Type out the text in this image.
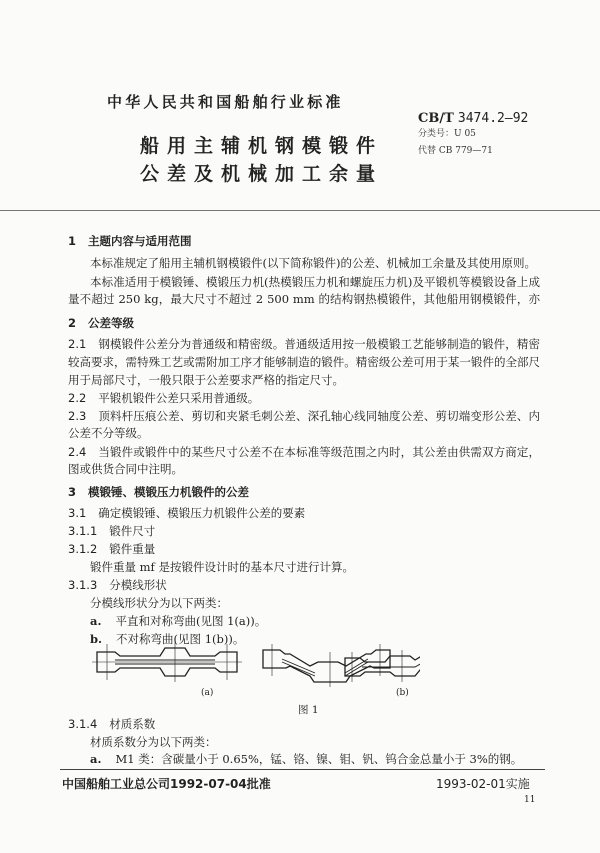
中华人民共和国船舶行业标准
船用主辅机钢模锻件
公差及机械加工余量
CB/T 3474.2—92
分类号：U 05
代替 CB 779—71
1 主题内容与适用范围
本标准规定了船用主辅机钢模锻件(以下简称锻件)的公差、机械加工余量及其使用原则。
本标准适用于模锻锤、模锻压力机(热模锻压力机和螺旋压力机)及平锻机等模锻设备上成
量不超过 250 kg，最大尺寸不超过 2 500 mm 的结构钢热模锻件，其他船用钢模锻件，亦
2 公差等级
2.1 钢模锻件公差分为普通级和精密级。普通级适用按一般模锻工艺能够制造的锻件，精密
较高要求，需特殊工艺或需附加工序才能够制造的锻件。精密级公差可用于某一锻件的全部尺
用于局部尺寸，一般只限于公差要求严格的指定尺寸。
2.2 平锻机锻件公差只采用普通级。
2.3 顶料杆压痕公差、剪切和夹紧毛刺公差、深孔轴心线同轴度公差、剪切端变形公差、内
公差不分等级。
2.4 当锻件或锻件中的某些尺寸公差不在本标准等级范围之内时，其公差由供需双方商定，
图或供货合同中注明。
3 模锻锤、模锻压力机锻件的公差
3.1 确定模锻锤、模锻压力机锻件公差的要素
3.1.1 锻件尺寸
3.1.2 锻件重量
锻件重量 mf 是按锻件设计时的基本尺寸进行计算。
3.1.3 分模线形状
分模线形状分为以下两类：
a. 平直和对称弯曲(见图 1(a))。
b. 不对称弯曲(见图 1(b))。
(a)	(b)
图 1
3.1.4 材质系数
材质系数分为以下两类：
a. M1 类：含碳量小于 0.65%，锰、铬、镍、钼、钒、钨合金总量小于 3%的钢。
中国船舶工业总公司1992-07-04批准	1993-02-01实施
11
